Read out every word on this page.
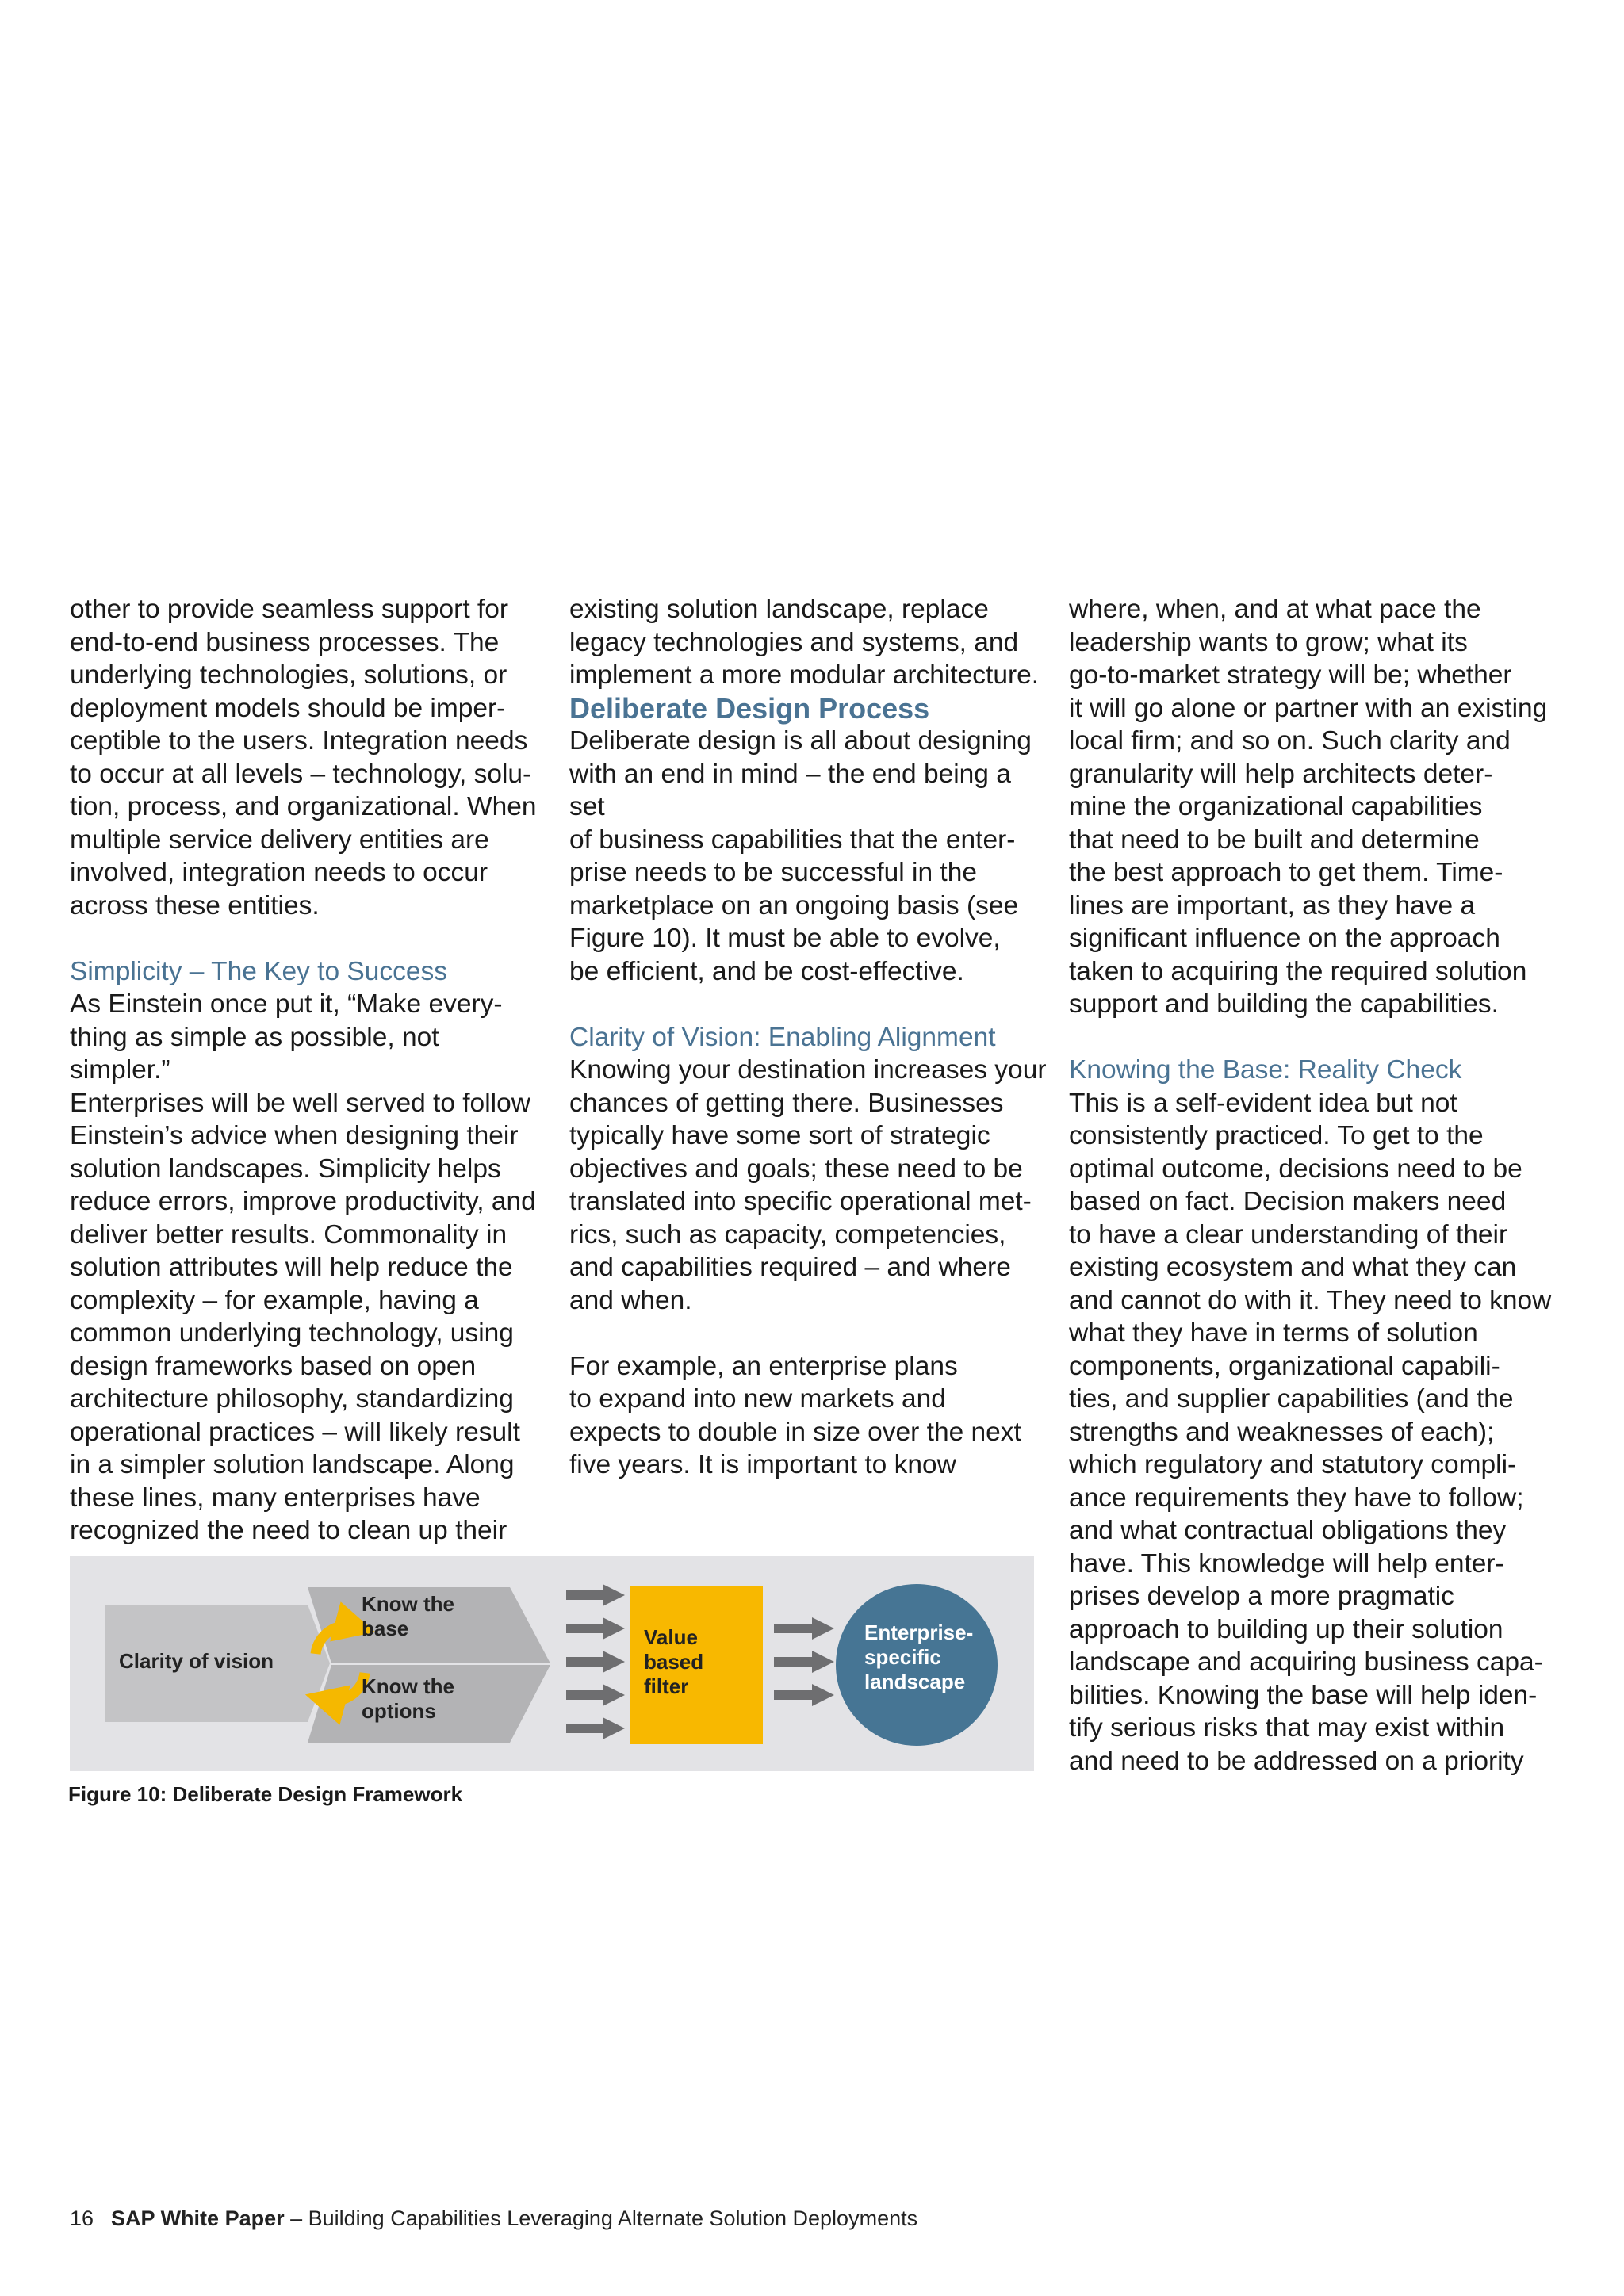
other to provide seamless support for
end-to-end business processes. The
underlying technologies, solutions, or
deployment models should be imper-
ceptible to the users. Integration needs
to occur at all levels – technology, solu-
tion, process, and organizational. When
multiple service delivery entities are
involved, integration needs to occur
across these entities.

Simplicity – The Key to Success

As Einstein once put it, “Make every-
thing as simple as possible, not simpler.”
Enterprises will be well served to follow
Einstein’s advice when designing their
solution landscapes. Simplicity helps
reduce errors, improve productivity, and
deliver better results. Commonality in
solution attributes will help reduce the
complexity – for example, having a
common underlying technology, using
design frameworks based on open
architecture philosophy, standardizing
operational practices – will likely result
in a simpler solution landscape. Along
these lines, many enterprises have
recognized the need to clean up their

existing solution landscape, replace
legacy technologies and systems, and
implement a more modular architecture.

Deliberate Design Process

Deliberate design is all about designing
with an end in mind – the end being a set
of business capabilities that the enter-
prise needs to be successful in the
marketplace on an ongoing basis (see
Figure 10). It must be able to evolve,
be efficient, and be cost-effective.

Clarity of Vision: Enabling Alignment

Knowing your destination increases your
chances of getting there. Businesses
typically have some sort of strategic
objectives and goals; these need to be
translated into specific operational met-
rics, such as capacity, competencies,
and capabilities required – and where
and when.

For example, an enterprise plans
to expand into new markets and
expects to double in size over the next
five years. It is important to know

where, when, and at what pace the
leadership wants to grow; what its
go-to-market strategy will be; whether
it will go alone or partner with an existing
local firm; and so on. Such clarity and
granularity will help architects deter-
mine the organizational capabilities
that need to be built and determine
the best approach to get them. Time-
lines are important, as they have a
significant influence on the approach
taken to acquiring the required solution
support and building the capabilities.

Knowing the Base: Reality Check

This is a self-evident idea but not
consistently practiced. To get to the
optimal outcome, decisions need to be
based on fact. Decision makers need
to have a clear understanding of their
existing ecosystem and what they can
and cannot do with it. They need to know
what they have in terms of solution
components, organizational capabili-
ties, and supplier capabilities (and the
strengths and weaknesses of each);
which regulatory and statutory compli-
ance requirements they have to follow;
and what contractual obligations they
have. This knowledge will help enter-
prises develop a more pragmatic
approach to building up their solution
landscape and acquiring business capa-
bilities. Knowing the base will help iden-
tify serious risks that may exist within
and need to be addressed on a priority

Clarity of vision
Know the
base
Know the
options
Value
based
filter
Enterprise-
specific
landscape
Figure 10: Deliberate Design Framework
16 SAP White Paper – Building Capabilities Leveraging Alternate Solution Deployments
